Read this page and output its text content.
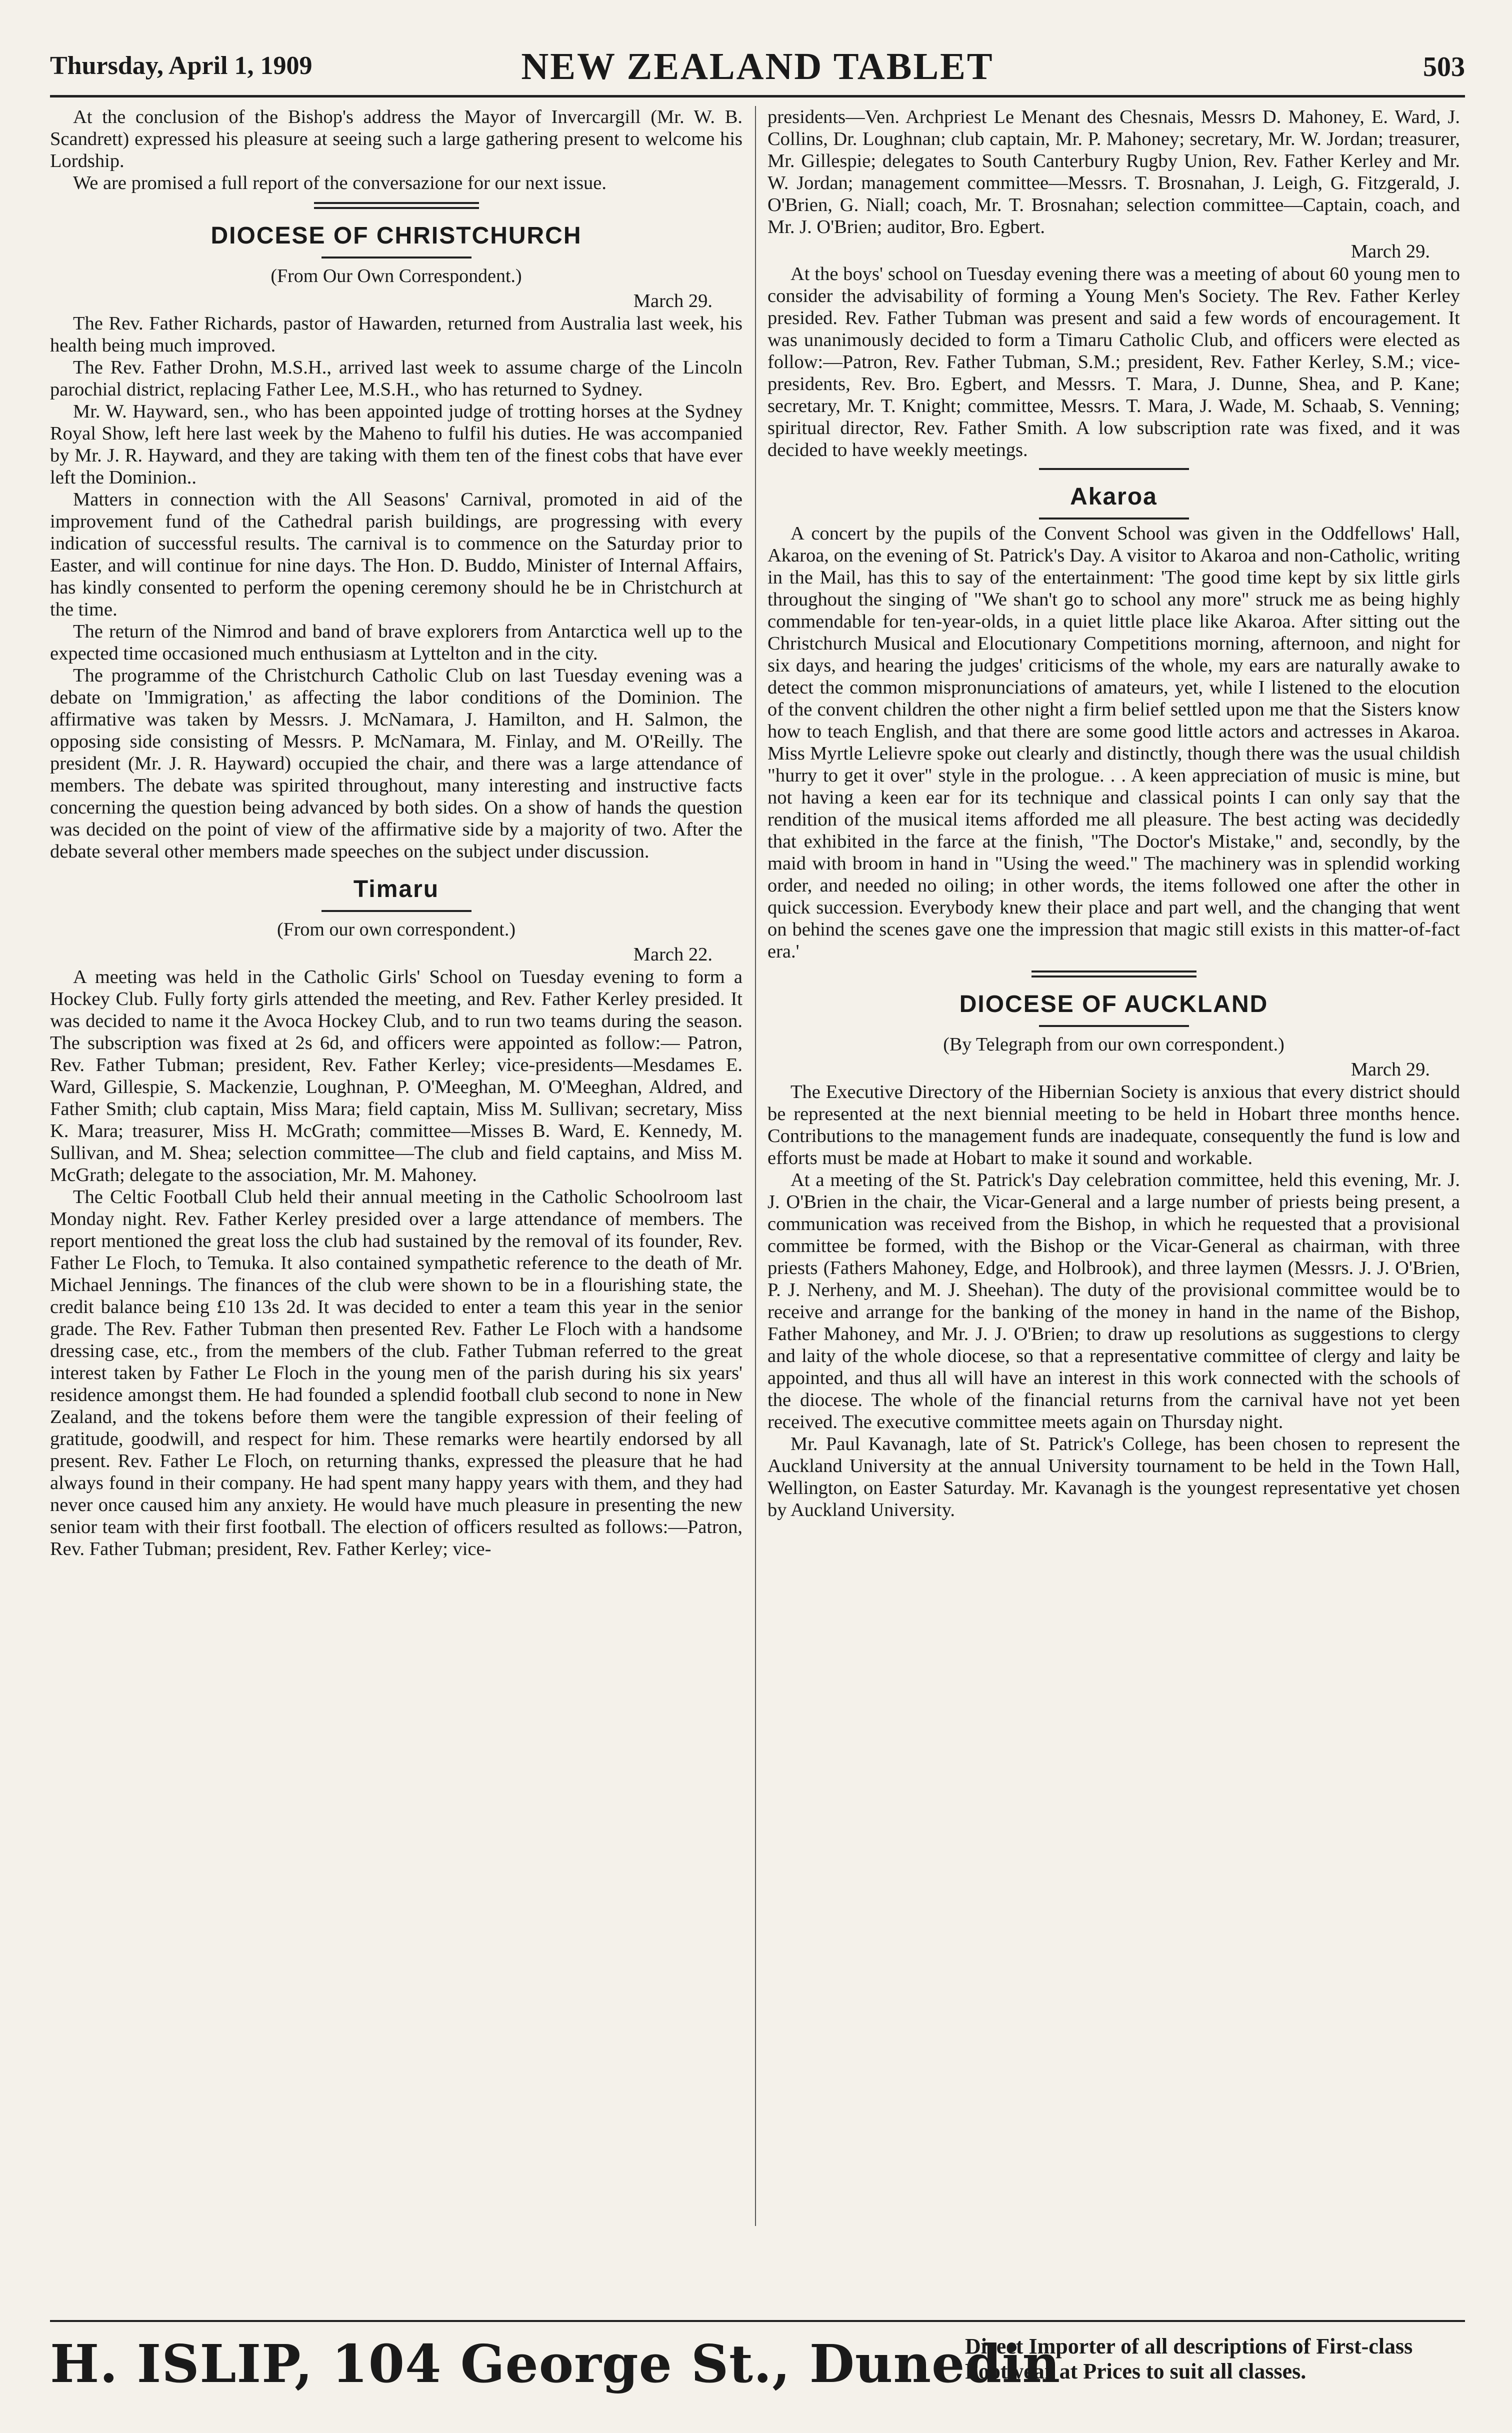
Thursday, April 1, 1909	NEW ZEALAND TABLET	503

At the conclusion of the Bishop's address the Mayor of Invercargill (Mr. W. B. Scandrett) expressed his pleasure at seeing such a large gathering present to welcome his Lordship.

We are promised a full report of the conversazione for our next issue.

DIOCESE OF CHRISTCHURCH
(From Our Own Correspondent.)
March 29.

The Rev. Father Richards, pastor of Hawarden, returned from Australia last week, his health being much improved.

The Rev. Father Drohn, M.S.H., arrived last week to assume charge of the Lincoln parochial district, replacing Father Lee, M.S.H., who has returned to Sydney.

Mr. W. Hayward, sen., who has been appointed judge of trotting horses at the Sydney Royal Show, left here last week by the Maheno to fulfil his duties. He was accompanied by Mr. J. R. Hayward, and they are taking with them ten of the finest cobs that have ever left the Dominion..

Matters in connection with the All Seasons' Carnival, promoted in aid of the improvement fund of the Cathedral parish buildings, are progressing with every indication of successful results. The carnival is to commence on the Saturday prior to Easter, and will continue for nine days. The Hon. D. Buddo, Minister of Internal Affairs, has kindly consented to perform the opening ceremony should he be in Christchurch at the time.

The return of the Nimrod and band of brave explorers from Antarctica well up to the expected time occasioned much enthusiasm at Lyttelton and in the city.

The programme of the Christchurch Catholic Club on last Tuesday evening was a debate on 'Immigration,' as affecting the labor conditions of the Dominion. The affirmative was taken by Messrs. J. McNamara, J. Hamilton, and H. Salmon, the opposing side consisting of Messrs. P. McNamara, M. Finlay, and M. O'Reilly. The president (Mr. J. R. Hayward) occupied the chair, and there was a large attendance of members. The debate was spirited throughout, many interesting and instructive facts concerning the question being advanced by both sides. On a show of hands the question was decided on the point of view of the affirmative side by a majority of two. After the debate several other members made speeches on the subject under discussion.

Timaru
(From our own correspondent.)
March 22.

A meeting was held in the Catholic Girls' School on Tuesday evening to form a Hockey Club. Fully forty girls attended the meeting, and Rev. Father Kerley presided. It was decided to name it the Avoca Hockey Club, and to run two teams during the season. The subscription was fixed at 2s 6d, and officers were appointed as follow:— Patron, Rev. Father Tubman; president, Rev. Father Kerley; vice-presidents—Mesdames E. Ward, Gillespie, S. Mackenzie, Loughnan, P. O'Meeghan, M. O'Meeghan, Aldred, and Father Smith; club captain, Miss Mara; field captain, Miss M. Sullivan; secretary, Miss K. Mara; treasurer, Miss H. McGrath; committee—Misses B. Ward, E. Kennedy, M. Sullivan, and M. Shea; selection committee—The club and field captains, and Miss M. McGrath; delegate to the association, Mr. M. Mahoney.

The Celtic Football Club held their annual meeting in the Catholic Schoolroom last Monday night. Rev. Father Kerley presided over a large attendance of members. The report mentioned the great loss the club had sustained by the removal of its founder, Rev. Father Le Floch, to Temuka. It also contained sympathetic reference to the death of Mr. Michael Jennings. The finances of the club were shown to be in a flourishing state, the credit balance being £10 13s 2d. It was decided to enter a team this year in the senior grade. The Rev. Father Tubman then presented Rev. Father Le Floch with a handsome dressing case, etc., from the members of the club. Father Tubman referred to the great interest taken by Father Le Floch in the young men of the parish during his six years' residence amongst them. He had founded a splendid football club second to none in New Zealand, and the tokens before them were the tangible expression of their feeling of gratitude, goodwill, and respect for him. These remarks were heartily endorsed by all present. Rev. Father Le Floch, on returning thanks, expressed the pleasure that he had always found in their company. He had spent many happy years with them, and they had never once caused him any anxiety. He would have much pleasure in presenting the new senior team with their first football. The election of officers resulted as follows:—Patron, Rev. Father Tubman; president, Rev. Father Kerley; vice-

presidents—Ven. Archpriest Le Menant des Chesnais, Messrs D. Mahoney, E. Ward, J. Collins, Dr. Loughnan; club captain, Mr. P. Mahoney; secretary, Mr. W. Jordan; treasurer, Mr. Gillespie; delegates to South Canterbury Rugby Union, Rev. Father Kerley and Mr. W. Jordan; management committee—Messrs. T. Brosnahan, J. Leigh, G. Fitzgerald, J. O'Brien, G. Niall; coach, Mr. T. Brosnahan; selection committee—Captain, coach, and Mr. J. O'Brien; auditor, Bro. Egbert.

March 29.

At the boys' school on Tuesday evening there was a meeting of about 60 young men to consider the advisability of forming a Young Men's Society. The Rev. Father Kerley presided. Rev. Father Tubman was present and said a few words of encouragement. It was unanimously decided to form a Timaru Catholic Club, and officers were elected as follow:—Patron, Rev. Father Tubman, S.M.; president, Rev. Father Kerley, S.M.; vice-presidents, Rev. Bro. Egbert, and Messrs. T. Mara, J. Dunne, Shea, and P. Kane; secretary, Mr. T. Knight; committee, Messrs. T. Mara, J. Wade, M. Schaab, S. Venning; spiritual director, Rev. Father Smith. A low subscription rate was fixed, and it was decided to have weekly meetings.

Akaroa

A concert by the pupils of the Convent School was given in the Oddfellows' Hall, Akaroa, on the evening of St. Patrick's Day. A visitor to Akaroa and non-Catholic, writing in the Mail, has this to say of the entertainment: 'The good time kept by six little girls throughout the singing of "We shan't go to school any more" struck me as being highly commendable for ten-year-olds, in a quiet little place like Akaroa. After sitting out the Christchurch Musical and Elocutionary Competitions morning, afternoon, and night for six days, and hearing the judges' criticisms of the whole, my ears are naturally awake to detect the common mispronunciations of amateurs, yet, while I listened to the elocution of the convent children the other night a firm belief settled upon me that the Sisters know how to teach English, and that there are some good little actors and actresses in Akaroa. Miss Myrtle Lelievre spoke out clearly and distinctly, though there was the usual childish "hurry to get it over" style in the prologue. . . A keen appreciation of music is mine, but not having a keen ear for its technique and classical points I can only say that the rendition of the musical items afforded me all pleasure. The best acting was decidedly that exhibited in the farce at the finish, "The Doctor's Mistake," and, secondly, by the maid with broom in hand in "Using the weed." The machinery was in splendid working order, and needed no oiling; in other words, the items followed one after the other in quick succession. Everybody knew their place and part well, and the changing that went on behind the scenes gave one the impression that magic still exists in this matter-of-fact era.'

DIOCESE OF AUCKLAND
(By Telegraph from our own correspondent.)
March 29.

The Executive Directory of the Hibernian Society is anxious that every district should be represented at the next biennial meeting to be held in Hobart three months hence. Contributions to the management funds are inadequate, consequently the fund is low and efforts must be made at Hobart to make it sound and workable.

At a meeting of the St. Patrick's Day celebration committee, held this evening, Mr. J. J. O'Brien in the chair, the Vicar-General and a large number of priests being present, a communication was received from the Bishop, in which he requested that a provisional committee be formed, with the Bishop or the Vicar-General as chairman, with three priests (Fathers Mahoney, Edge, and Holbrook), and three laymen (Messrs. J. J. O'Brien, P. J. Nerheny, and M. J. Sheehan). The duty of the provisional committee would be to receive and arrange for the banking of the money in hand in the name of the Bishop, Father Mahoney, and Mr. J. J. O'Brien; to draw up resolutions as suggestions to clergy and laity of the whole diocese, so that a representative committee of clergy and laity be appointed, and thus all will have an interest in this work connected with the schools of the diocese. The whole of the financial returns from the carnival have not yet been received. The executive committee meets again on Thursday night.

Mr. Paul Kavanagh, late of St. Patrick's College, has been chosen to represent the Auckland University at the annual University tournament to be held in the Town Hall, Wellington, on Easter Saturday. Mr. Kavanagh is the youngest representative yet chosen by Auckland University.

H. ISLIP, 104 George St., Dunedin
Direct Importer of all descriptions of First-class Footwear at Prices to suit all classes.
